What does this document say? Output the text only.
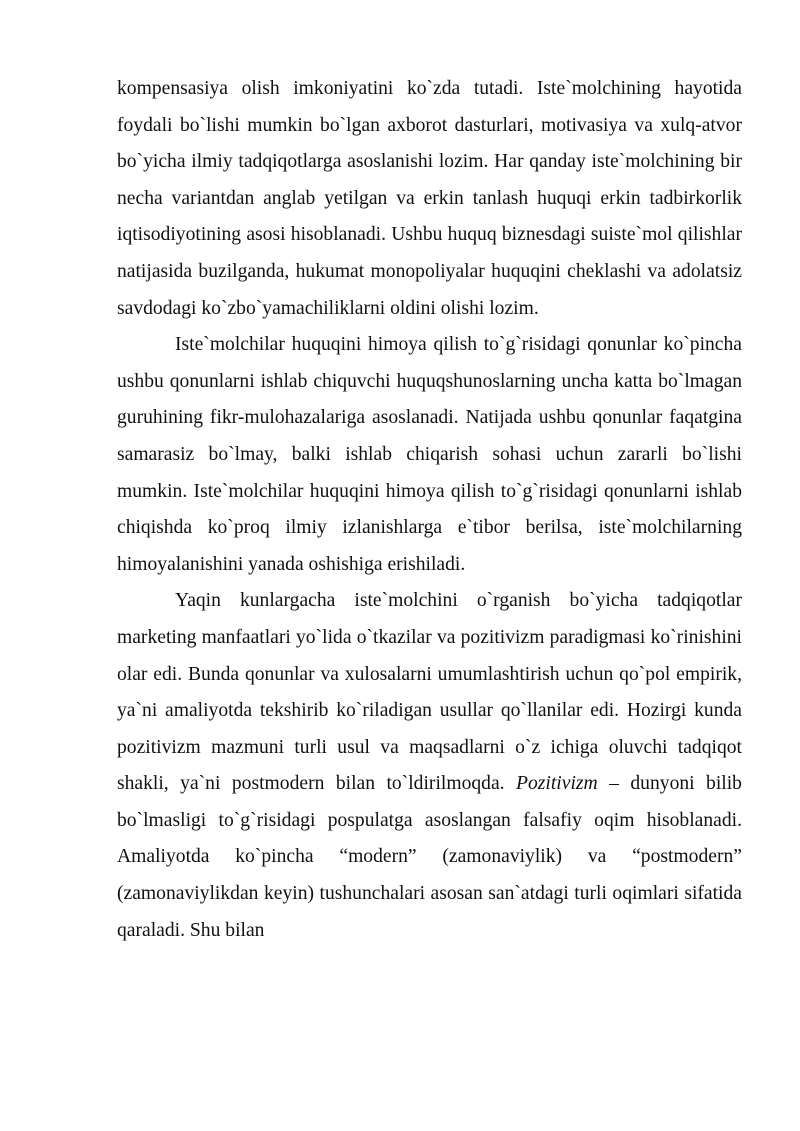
kompensasiya olish imkoniyatini ko`zda tutadi. Iste`molchining hayotida foydali bo`lishi mumkin bo`lgan axborot dasturlari, motivasiya va xulq-atvor bo`yicha ilmiy tadqiqotlarga asoslanishi lozim. Har qanday iste`molchining bir necha variantdan anglab yetilgan va erkin tanlash huquqi erkin tadbirkorlik iqtisodiyotining asosi hisoblanadi. Ushbu huquq biznesdagi suiste`mol qilishlar natijasida buzilganda, hukumat monopoliyalar huquqini cheklashi va adolatsiz savdodagi ko`zbo`yamachiliklarni oldini olishi lozim.

Iste`molchilar huquqini himoya qilish to`g`risidagi qonunlar ko`pincha ushbu qonunlarni ishlab chiquvchi huquqshunoslarning uncha katta bo`lmagan guruhining fikr-mulohazalariga asoslanadi. Natijada ushbu qonunlar faqatgina samarasiz bo`lmay, balki ishlab chiqarish sohasi uchun zararli bo`lishi mumkin. Iste`molchilar huquqini himoya qilish to`g`risidagi qonunlarni ishlab chiqishda ko`proq ilmiy izlanishlarga e`tibor berilsa, iste`molchilarning himoyalanishini yanada oshishiga erishiladi.

Yaqin kunlargacha iste`molchini o`rganish bo`yicha tadqiqotlar marketing manfaatlari yo`lida o`tkazilar va pozitivizm paradigmasi ko`rinishini olar edi. Bunda qonunlar va xulosalarni umumlashtirish uchun qo`pol empirik, ya`ni amaliyotda tekshirib ko`riladigan usullar qo`llanilar edi. Hozirgi kunda pozitivizm mazmuni turli usul va maqsadlarni o`z ichiga oluvchi tadqiqot shakli, ya`ni postmodern bilan to`ldirilmoqda. Pozitivizm – dunyoni bilib bo`lmasligi to`g`risidagi pospulatga asoslangan falsafiy oqim hisoblanadi. Amaliyotda ko`pincha “modern” (zamonaviylik) va “postmodern” (zamonaviylikdan keyin) tushunchalari asosan san`atdagi turli oqimlari sifatida qaraladi. Shu bilan
